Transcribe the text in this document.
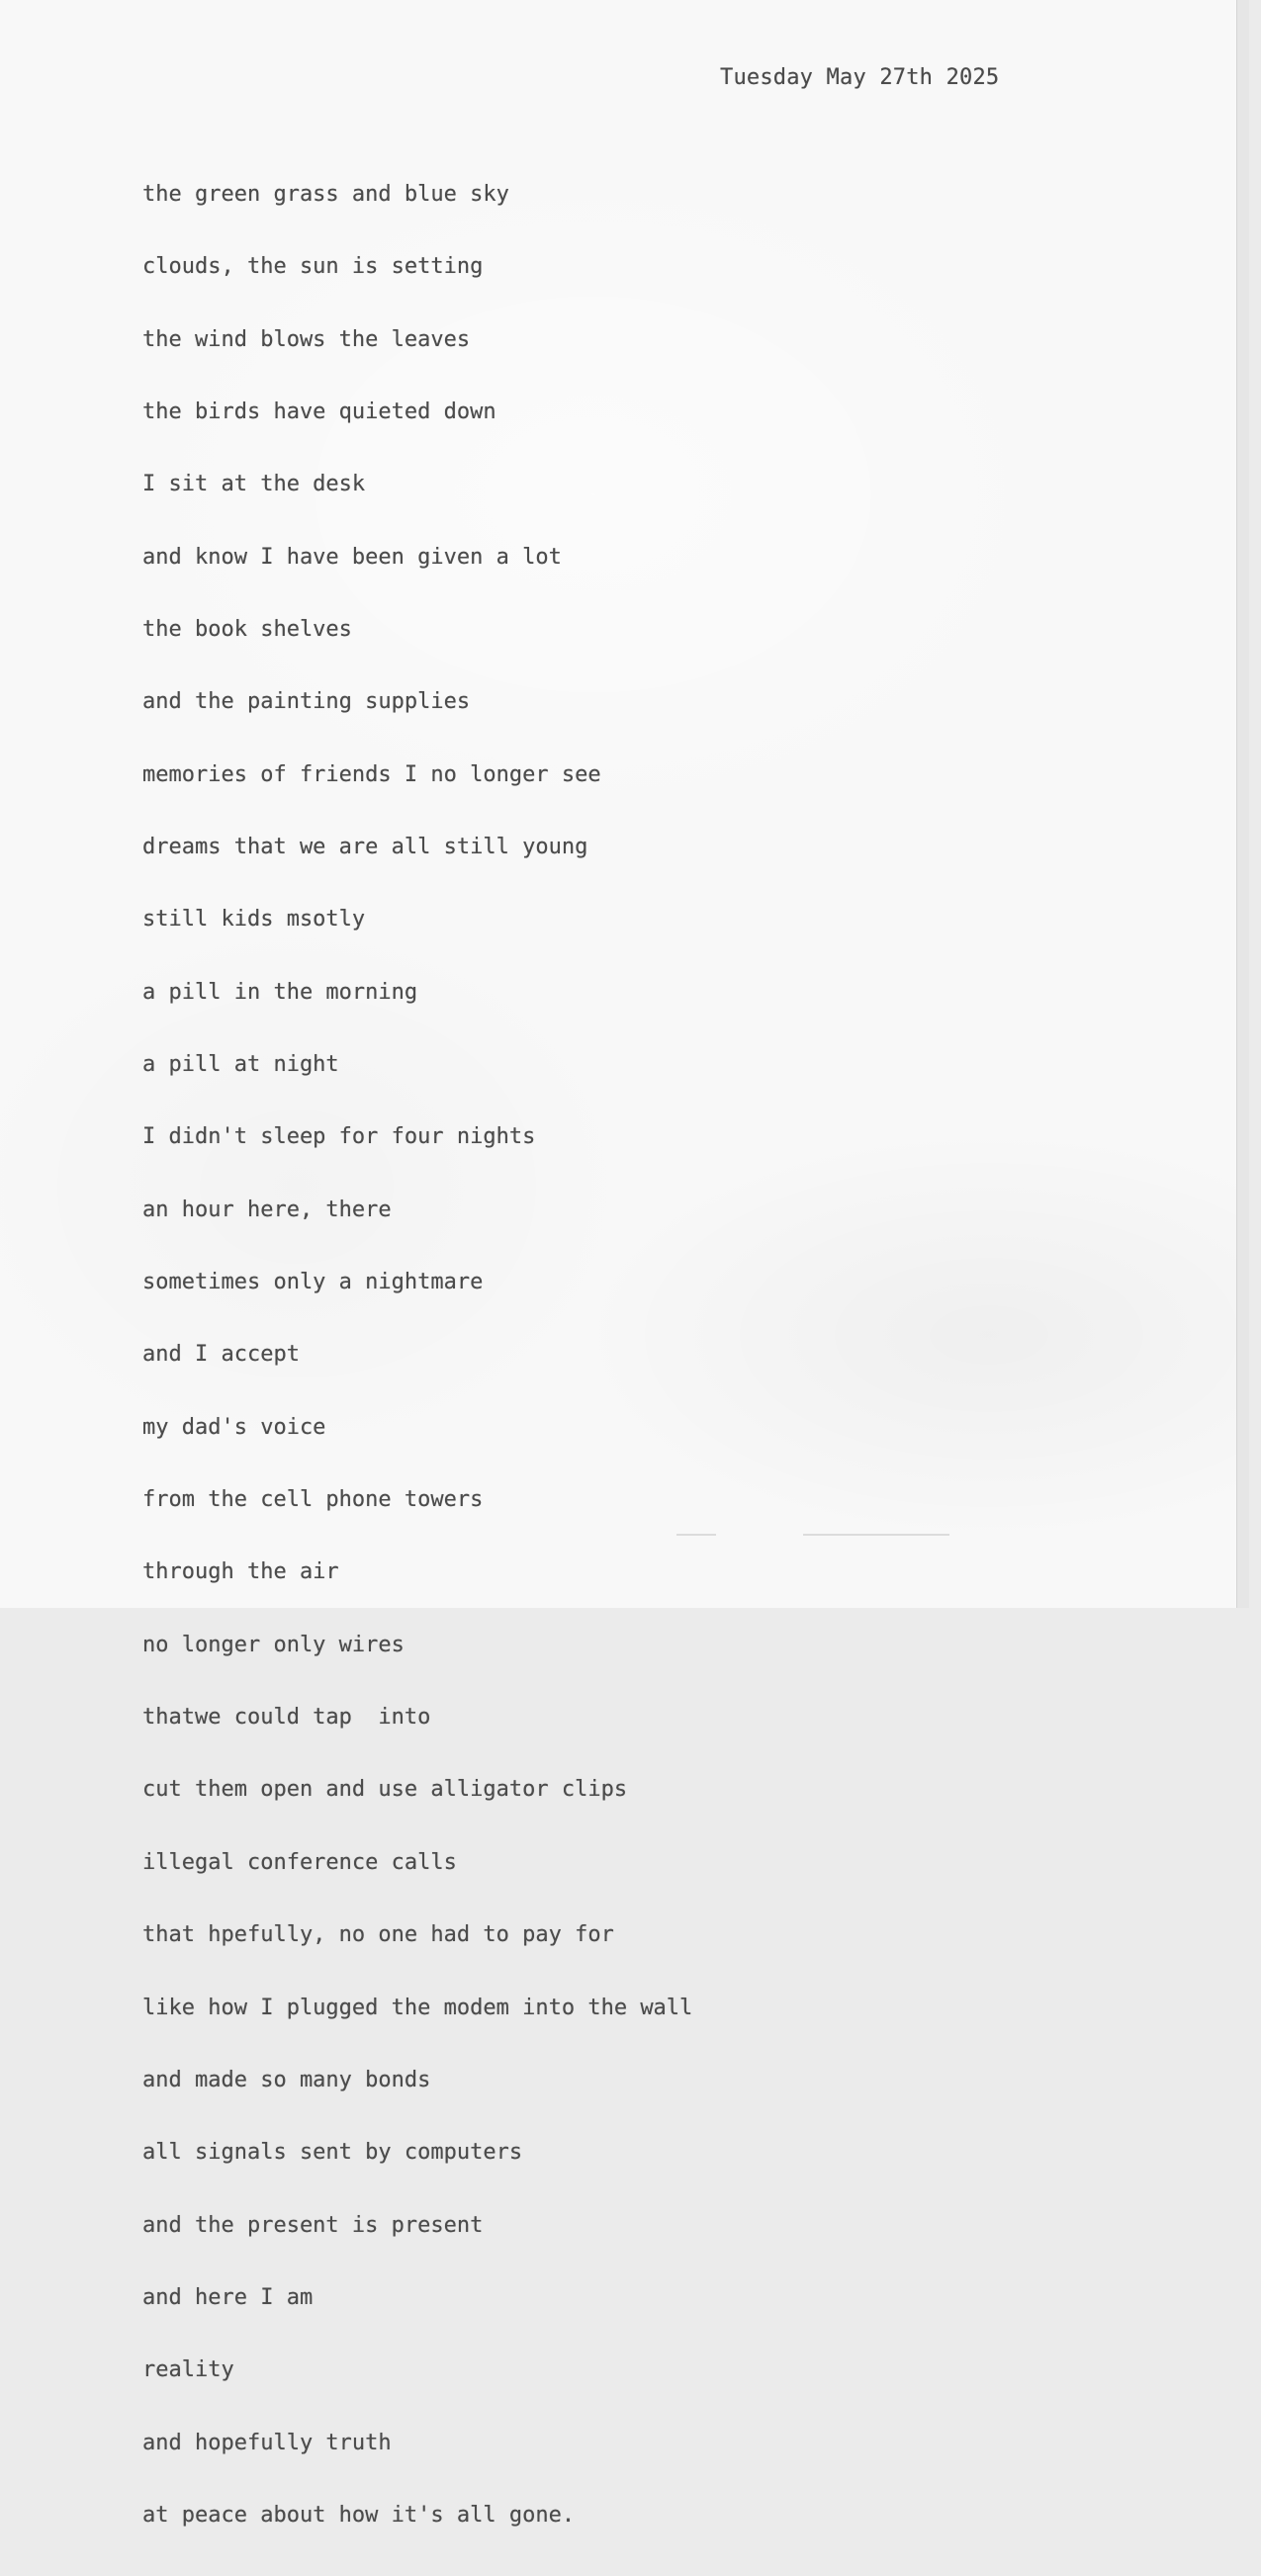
Tuesday May 27th 2025

the green grass and blue sky

clouds, the sun is setting

the wind blows the leaves

the birds have quieted down

I sit at the desk

and know I have been given a lot

the book shelves

and the painting supplies

memories of friends I no longer see

dreams that we are all still young

still kids msotly

a pill in the morning

a pill at night

I didn't sleep for four nights

an hour here, there

sometimes only a nightmare

and I accept

my dad's voice

from the cell phone towers

through the air

no longer only wires

thatwe could tap  into

cut them open and use alligator clips

illegal conference calls

that hpefully, no one had to pay for

like how I plugged the modem into the wall

and made so many bonds

all signals sent by computers

and the present is present

and here I am

reality

and hopefully truth

at peace about how it's all gone.
